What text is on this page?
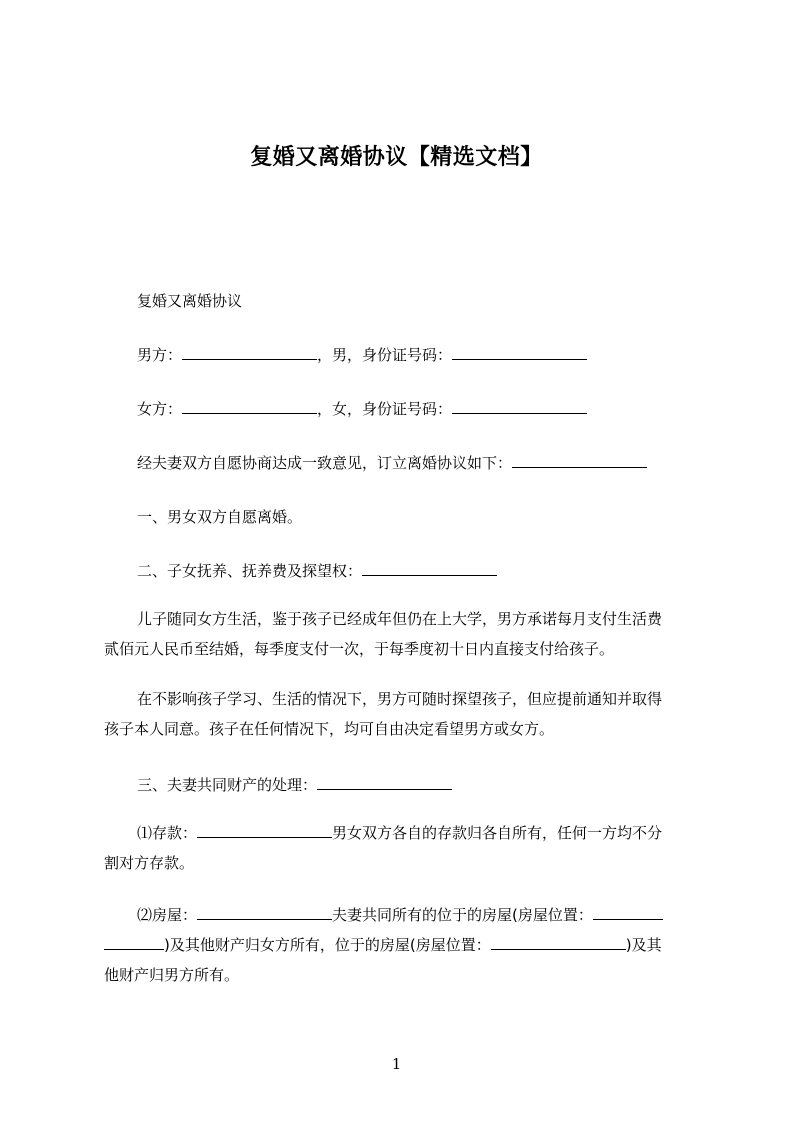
复婚又离婚协议【精选文档】
复婚又离婚协议
男方：	，男，身份证号码：
女方：	，女，身份证号码：
经夫妻双方自愿协商达成一致意见，订立离婚协议如下：
一、男女双方自愿离婚。
二、子女抚养、抚养费及探望权：
儿子随同女方生活，鉴于孩子已经成年但仍在上大学，男方承诺每月支付生活费
贰佰元人民币至结婚，每季度支付一次，于每季度初十日内直接支付给孩子。
在不影响孩子学习、生活的情况下，男方可随时探望孩子，但应提前通知并取得
孩子本人同意。孩子在任何情况下，均可自由决定看望男方或女方。
三、夫妻共同财产的处理：
⑴存款：	男女双方各自的存款归各自所有，任何一方均不分
割对方存款。
⑵房屋：	夫妻共同所有的位于的房屋(房屋位置：
)及其他财产归女方所有，位于的房屋(房屋位置：	)及其
他财产归男方所有。
1
